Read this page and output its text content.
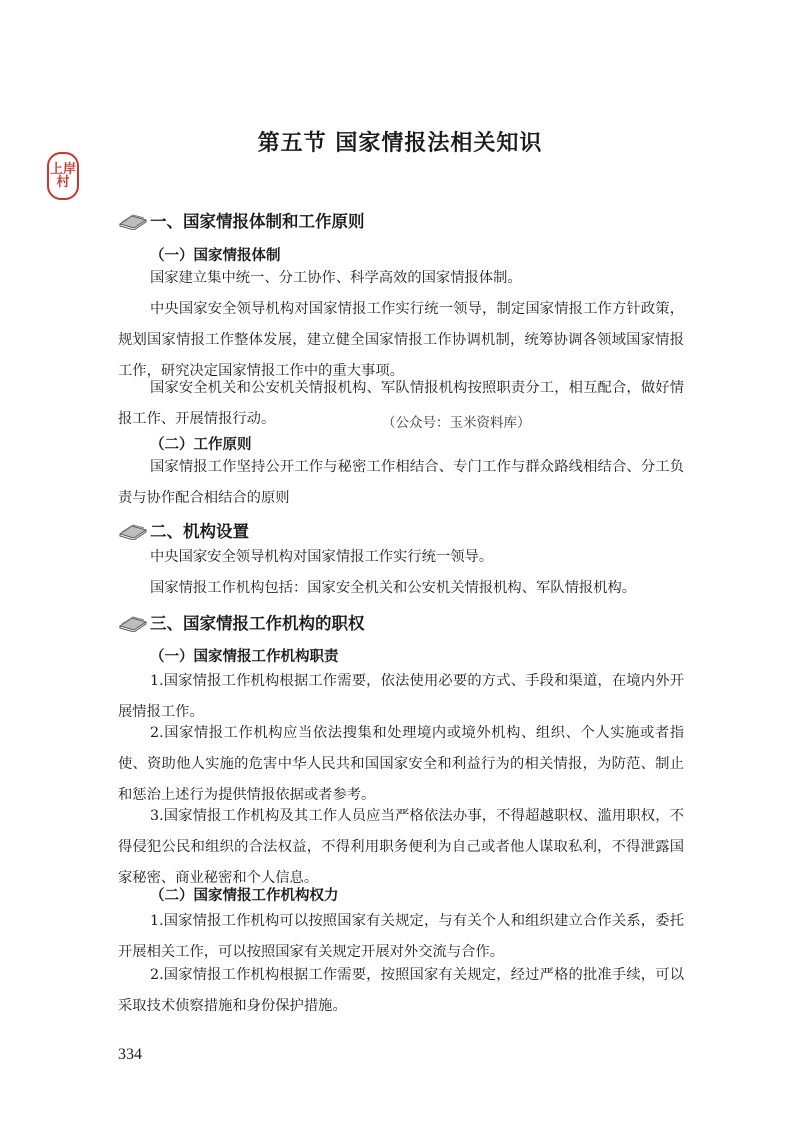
第五节 国家情报法相关知识
上岸
村
一、国家情报体制和工作原则
（一）国家情报体制
国家建立集中统一、分工协作、科学高效的国家情报体制。
中央国家安全领导机构对国家情报工作实行统一领导，制定国家情报工作方针政策，规划国家情报工作整体发展，建立健全国家情报工作协调机制，统筹协调各领域国家情报工作，研究决定国家情报工作中的重大事项。
国家安全机关和公安机关情报机构、军队情报机构按照职责分工，相互配合，做好情报工作、开展情报行动。	（公众号：玉米资料库）
（二）工作原则
国家情报工作坚持公开工作与秘密工作相结合、专门工作与群众路线相结合、分工负责与协作配合相结合的原则
二、机构设置
中央国家安全领导机构对国家情报工作实行统一领导。
国家情报工作机构包括：国家安全机关和公安机关情报机构、军队情报机构。
三、国家情报工作机构的职权
（一）国家情报工作机构职责
1.国家情报工作机构根据工作需要，依法使用必要的方式、手段和渠道，在境内外开展情报工作。
2.国家情报工作机构应当依法搜集和处理境内或境外机构、组织、个人实施或者指使、资助他人实施的危害中华人民共和国国家安全和利益行为的相关情报，为防范、制止和惩治上述行为提供情报依据或者参考。
3.国家情报工作机构及其工作人员应当严格依法办事，不得超越职权、滥用职权，不得侵犯公民和组织的合法权益，不得利用职务便利为自己或者他人谋取私利，不得泄露国家秘密、商业秘密和个人信息。
（二）国家情报工作机构权力
1.国家情报工作机构可以按照国家有关规定，与有关个人和组织建立合作关系，委托开展相关工作，可以按照国家有关规定开展对外交流与合作。
2.国家情报工作机构根据工作需要，按照国家有关规定，经过严格的批准手续，可以采取技术侦察措施和身份保护措施。
334
